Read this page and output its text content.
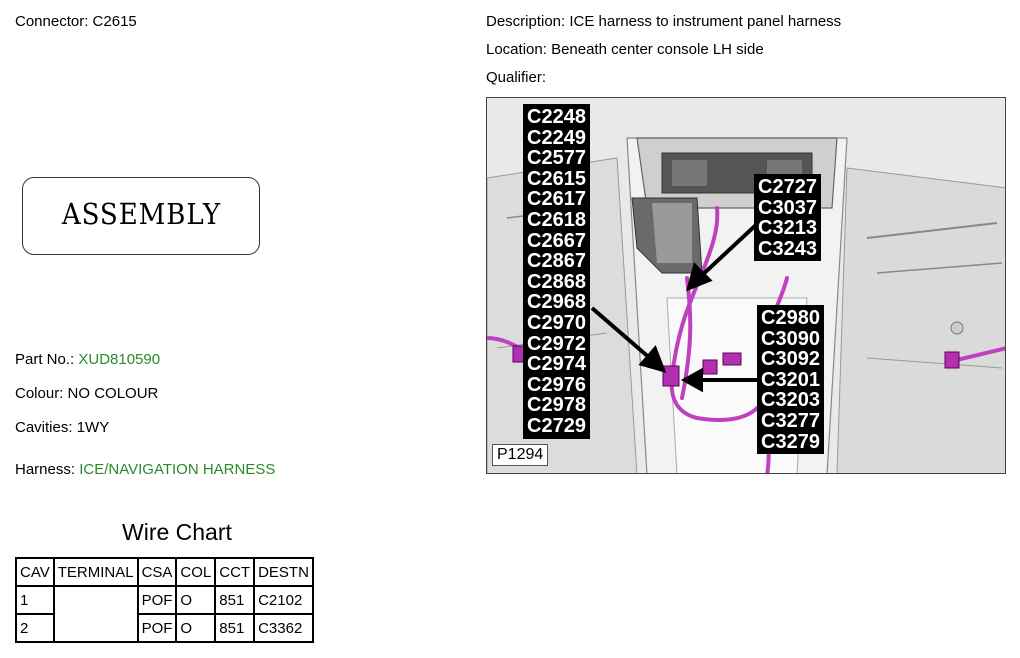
Connector: C2615	Description: ICE harness to instrument panel harness
Location: Beneath center console LH side
Qualifier:
ASSEMBLY
Part No.: XUD810590
Colour: NO COLOUR
Cavities: 1WY
Harness: ICE/NAVIGATION HARNESS
Wire Chart
CAV	TERMINAL	CSA	COL	CCT	DESTN
1		POF	O	851	C2102
2		POF	O	851	C3362
C2248
C2249
C2577
C2615
C2617
C2618
C2667
C2867
C2868
C2968
C2970
C2972
C2974
C2976
C2978
C2729
C2727
C3037
C3213
C3243
C2980
C3090
C3092
C3201
C3203
C3277
C3279
P1294
